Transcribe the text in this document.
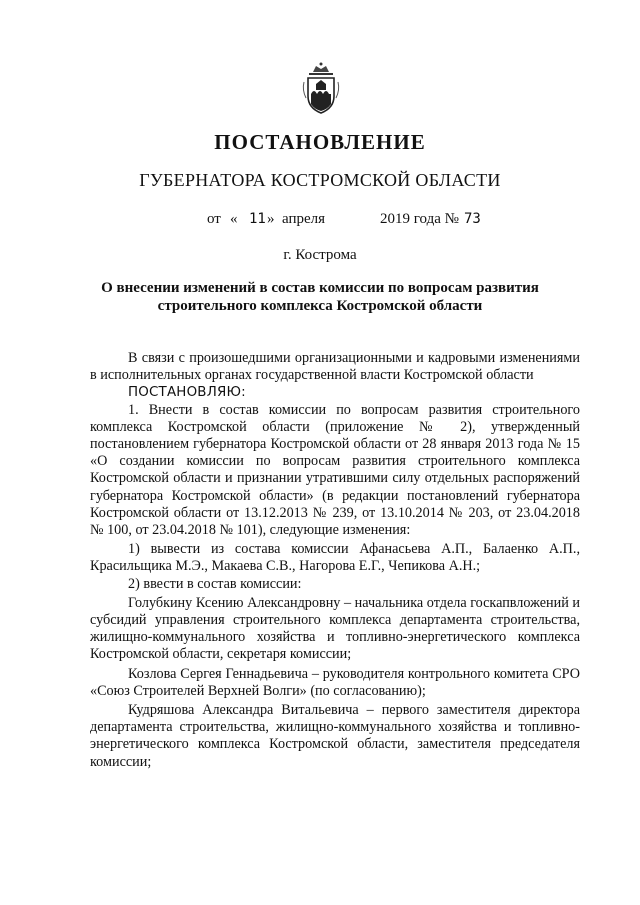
ПОСТАНОВЛЕНИЕ
ГУБЕРНАТОРА КОСТРОМСКОЙ ОБЛАСТИ
от « 11 » апреля	2019 года № 73
г. Кострома
О внесении изменений в состав комиссии по вопросам развития
строительного комплекса Костромской области

В связи с произошедшими организационными и кадровыми изменениями в исполнительных органах государственной власти Костромской области

ПОСТАНОВЛЯЮ:

1. Внести в состав комиссии по вопросам развития строительного комплекса Костромской области (приложение № 2), утвержденный постановлением губернатора Костромской области от 28 января 2013 года № 15 «О создании комиссии по вопросам развития строительного комплекса Костромской области и признании утратившими силу отдельных распоряжений губернатора Костромской области» (в редакции постановлений губернатора Костромской области от 13.12.2013 № 239, от 13.10.2014 № 203, от 23.04.2018 № 100, от 23.04.2018 № 101), следующие изменения:

1) вывести из состава комиссии Афанасьева А.П., Балаенко А.П., Красильщика М.Э., Макаева С.В., Нагорова Е.Г., Чепикова А.Н.;

2) ввести в состав комиссии:

Голубкину Ксению Александровну – начальника отдела госкапвложений и субсидий управления строительного комплекса департамента строительства, жилищно-коммунального хозяйства и топливно-энергетического комплекса Костромской области, секретаря комиссии;

Козлова Сергея Геннадьевича – руководителя контрольного комитета СРО «Союз Строителей Верхней Волги» (по согласованию);

Кудряшова Александра Витальевича – первого заместителя директора департамента строительства, жилищно-коммунального хозяйства и топливно-энергетического комплекса Костромской области, заместителя председателя комиссии;
